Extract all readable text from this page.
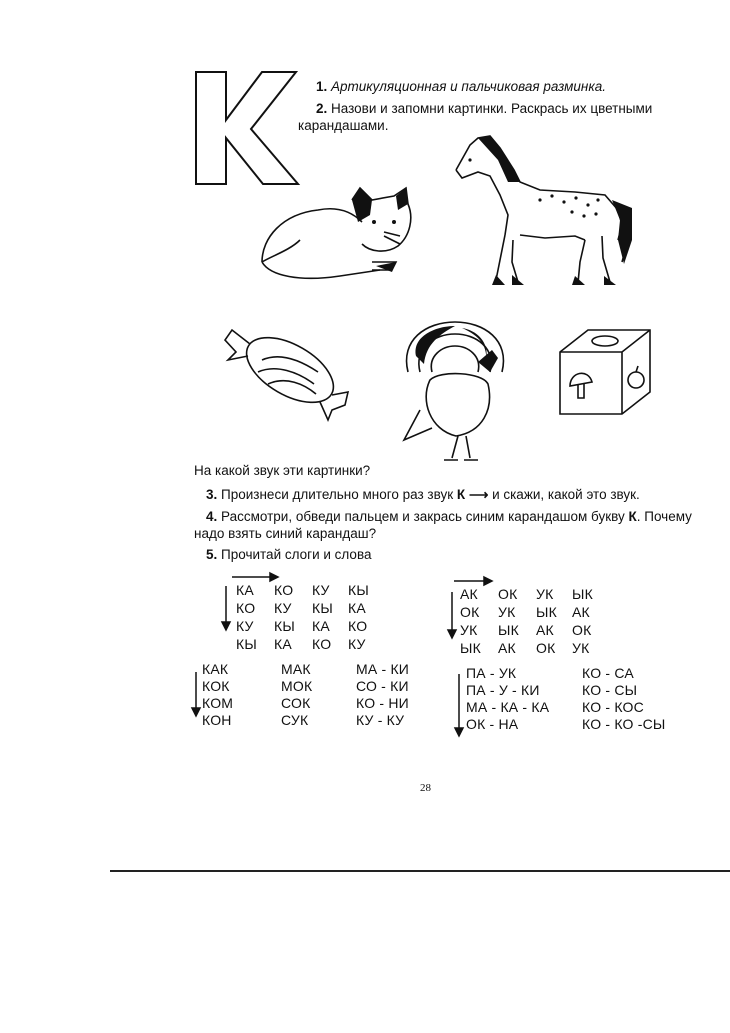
1. Артикуляционная и пальчиковая разминка.
2. Назови и запомни картинки. Раскрась их цветными
карандашами.
На какой звук эти картинки?
3. Произнеси длительно много раз звук К ⟶ и скажи, какой это звук.
4. Рассмотри, обведи пальцем и закрась синим карандашом букву К. Почему
надо взять синий карандаш?
5. Прочитай слоги и слова
КА КО КУ КЫ
КО КУ КЫ КА
КУ КЫ КА КО
КЫ КА КО КУ
АК ОК УК ЫК
ОК УК ЫК АК
УК ЫК АК ОК
ЫК АК ОК УК
КАК
КОК
КОМ
КОН
МАК
МОК
СОК
СУК
МА - КИ
СО - КИ
КО - НИ
КУ - КУ
ПА - УК
ПА - У - КИ
МА - КА - КА
ОК - НА
КО - СА
КО - СЫ
КО - КОС
КО - КО -СЫ
28
